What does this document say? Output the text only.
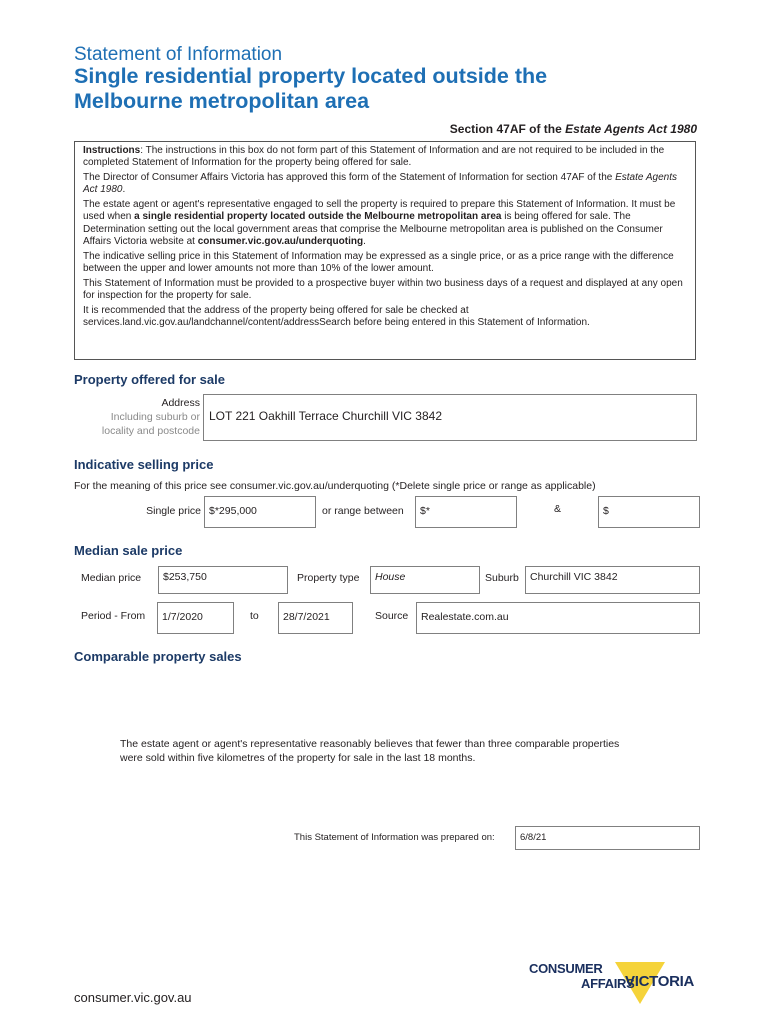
Statement of Information
Single residential property located outside the
Melbourne metropolitan area
Section 47AF of the Estate Agents Act 1980

Instructions: The instructions in this box do not form part of this Statement of Information and are not required to be included in the completed Statement of Information for the property being offered for sale.

The Director of Consumer Affairs Victoria has approved this form of the Statement of Information for section 47AF of the Estate Agents Act 1980.

The estate agent or agent's representative engaged to sell the property is required to prepare this Statement of Information. It must be used when a single residential property located outside the Melbourne metropolitan area is being offered for sale. The Determination setting out the local government areas that comprise the Melbourne metropolitan area is published on the Consumer Affairs Victoria website at consumer.vic.gov.au/underquoting.

The indicative selling price in this Statement of Information may be expressed as a single price, or as a price range with the difference between the upper and lower amounts not more than 10% of the lower amount.

This Statement of Information must be provided to a prospective buyer within two business days of a request and displayed at any open for inspection for the property for sale.

It is recommended that the address of the property being offered for sale be checked at services.land.vic.gov.au/landchannel/content/addressSearch before being entered in this Statement of Information.

Property offered for sale
Address
Including suburb or
locality and postcode
LOT 221 Oakhill Terrace Churchill VIC 3842
Indicative selling price
For the meaning of this price see consumer.vic.gov.au/underquoting (*Delete single price or range as applicable)
Single price $*295,000	or range between	$*	&	$
Median sale price
Median price	$253,750	Property type	House	Suburb	Churchill VIC 3842
Period - From	1/7/2020	to	28/7/2021	Source	Realestate.com.au
Comparable property sales
The estate agent or agent's representative reasonably believes that fewer than three comparable properties
were sold within five kilometres of the property for sale in the last 18 months.
This Statement of Information was prepared on:	6/8/21
CONSUMER
AFFAIRS
VICTORIA
consumer.vic.gov.au
